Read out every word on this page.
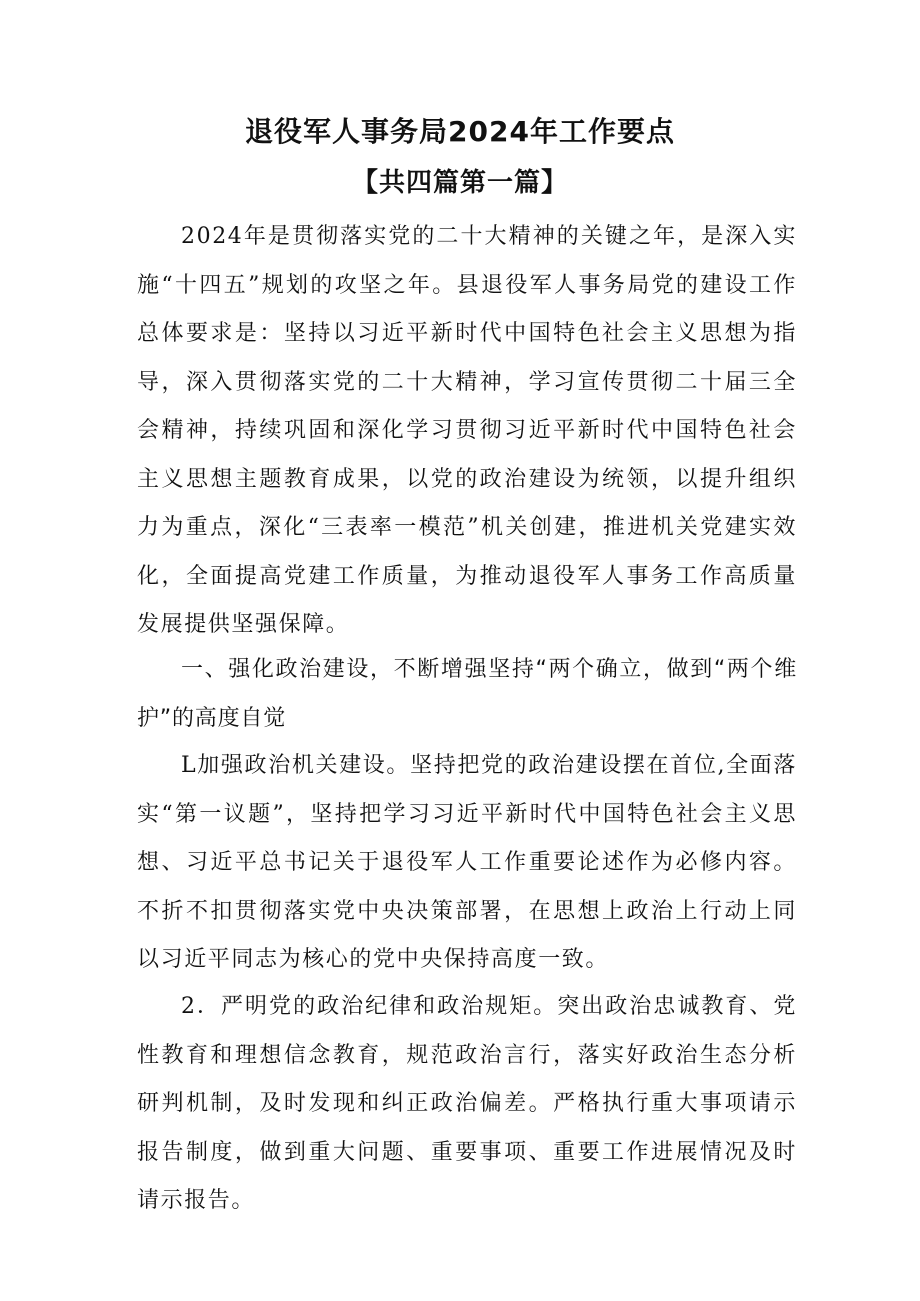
退役军人事务局2024年工作要点
【共四篇第一篇】

2024年是贯彻落实党的二十大精神的关键之年，是深入实施“十四五”规划的攻坚之年。县退役军人事务局党的建设工作总体要求是：坚持以习近平新时代中国特色社会主义思想为指导，深入贯彻落实党的二十大精神，学习宣传贯彻二十届三全会精神，持续巩固和深化学习贯彻习近平新时代中国特色社会主义思想主题教育成果，以党的政治建设为统领，以提升组织力为重点，深化“三表率一模范”机关创建，推进机关党建实效化，全面提高党建工作质量，为推动退役军人事务工作高质量发展提供坚强保障。

一、强化政治建设，不断增强坚持“两个确立，做到“两个维护”的高度自觉

L加强政治机关建设。坚持把党的政治建设摆在首位,全面落实“第一议题”，坚持把学习习近平新时代中国特色社会主义思想、习近平总书记关于退役军人工作重要论述作为必修内容。不折不扣贯彻落实党中央决策部署，在思想上政治上行动上同以习近平同志为核心的党中央保持高度一致。

2．严明党的政治纪律和政治规矩。突出政治忠诚教育、党性教育和理想信念教育，规范政治言行，落实好政治生态分析研判机制，及时发现和纠正政治偏差。严格执行重大事项请示报告制度，做到重大问题、重要事项、重要工作进展情况及时请示报告。
